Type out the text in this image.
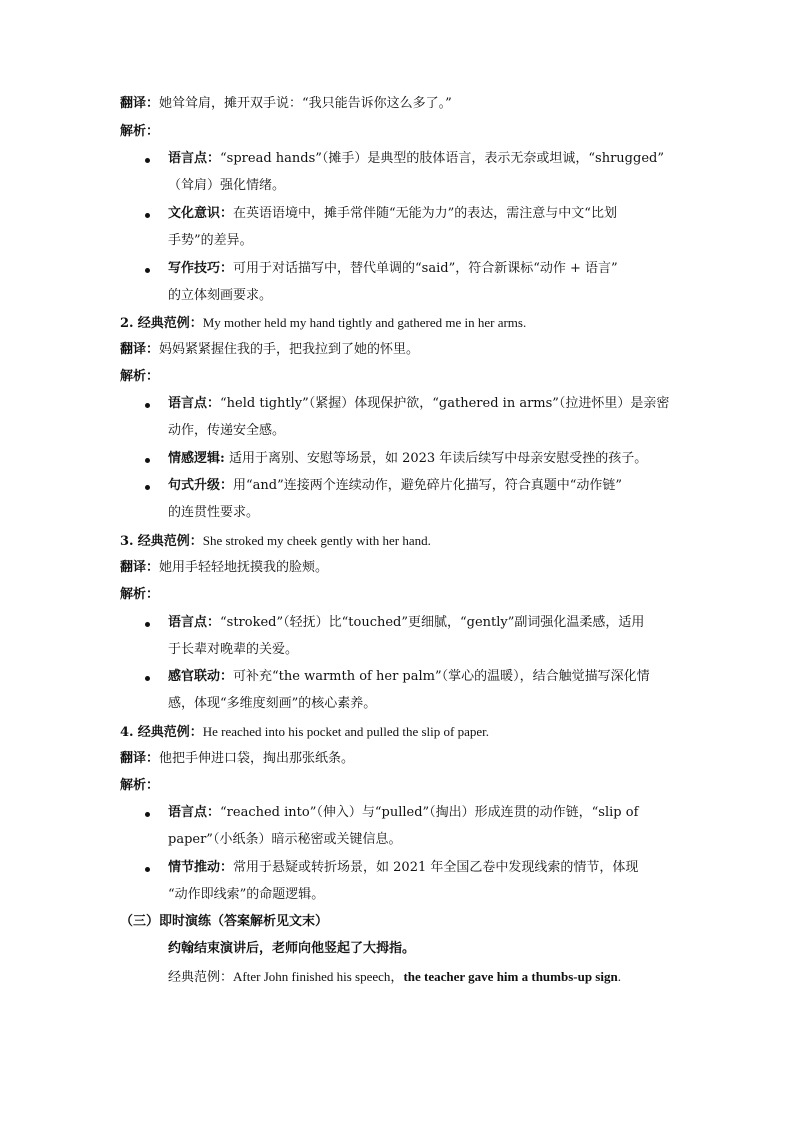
翻译：她耸耸肩，摊开双手说：“我只能告诉你这么多了。”
解析：
语言点：“spread hands”（摊手）是典型的肢体语言，表示无奈或坦诚，“shrugged”
（耸肩）强化情绪。
文化意识：在英语语境中，摊手常伴随“无能为力”的表达，需注意与中文“比划
手势”的差异。
写作技巧：可用于对话描写中，替代单调的“said”，符合新课标“动作 + 语言”
的立体刻画要求。
2. 经典范例：My mother held my hand tightly and gathered me in her arms.
翻译：妈妈紧紧握住我的手，把我拉到了她的怀里。
解析：
语言点：“held tightly”（紧握）体现保护欲，“gathered in arms”（拉进怀里）是亲密
动作，传递安全感。
情感逻辑: 适用于离别、安慰等场景，如 2023 年读后续写中母亲安慰受挫的孩子。
句式升级：用“and”连接两个连续动作，避免碎片化描写，符合真题中“动作链”
的连贯性要求。
3. 经典范例：She stroked my cheek gently with her hand.
翻译：她用手轻轻地抚摸我的脸颊。
解析：
语言点：“stroked”（轻抚）比“touched”更细腻，“gently”副词强化温柔感，适用
于长辈对晚辈的关爱。
感官联动：可补充“the warmth of her palm”（掌心的温暖），结合触觉描写深化情
感，体现“多维度刻画”的核心素养。
4. 经典范例：He reached into his pocket and pulled the slip of paper.
翻译：他把手伸进口袋，掏出那张纸条。
解析：
语言点：“reached into”（伸入）与“pulled”（掏出）形成连贯的动作链，“slip of
paper”（小纸条）暗示秘密或关键信息。
情节推动：常用于悬疑或转折场景，如 2021 年全国乙卷中发现线索的情节，体现
“动作即线索”的命题逻辑。
（三）即时演练（答案解析见文末）
约翰结束演讲后，老师向他竖起了大拇指。
经典范例：After John finished his speech，the teacher gave him a thumbs-up sign.
